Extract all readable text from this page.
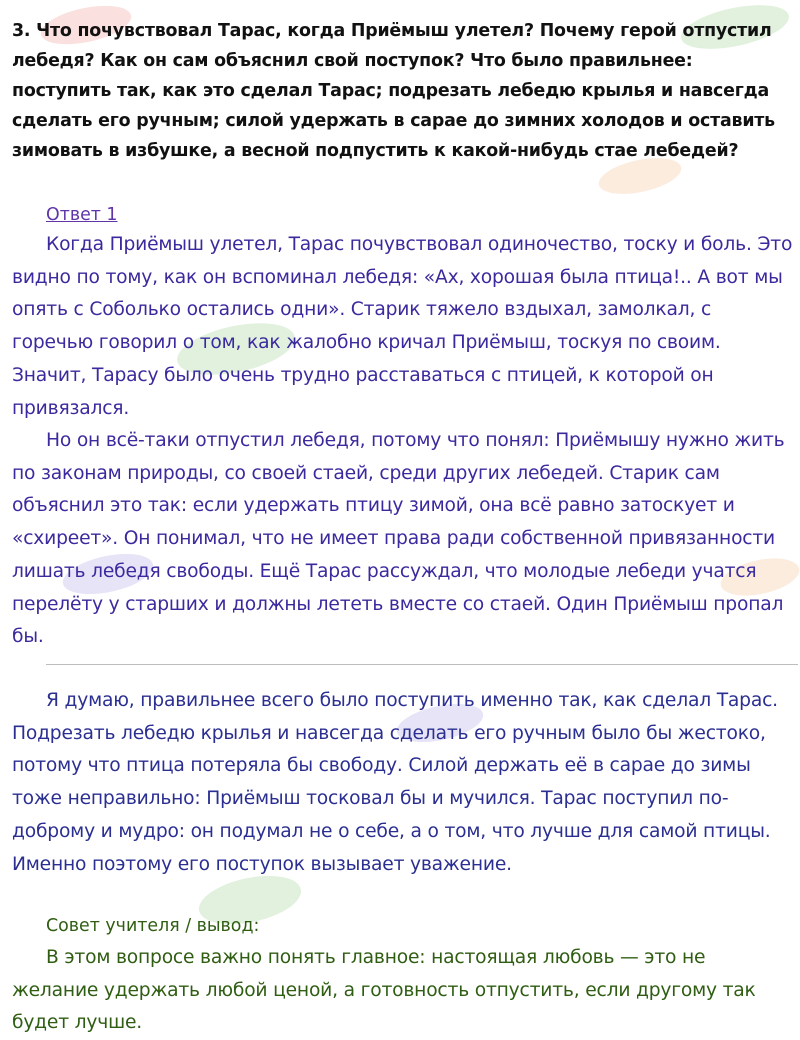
3. Что почувствовал Тарас, когда Приёмыш улетел? Почему герой отпустил лебедя? Как он сам объяснил свой поступок? Что было правильнее: поступить так, как это сделал Тарас; подрезать лебедю крылья и навсегда сделать его ручным; силой удержать в сарае до зимних холодов и оставить зимовать в избушке, а весной подпустить к какой-нибудь стае лебедей?
Ответ 1
Когда Приёмыш улетел, Тарас почувствовал одиночество, тоску и боль. Это видно по тому, как он вспоминал лебедя: «Ах, хорошая была птица!.. А вот мы опять с Соболько остались одни». Старик тяжело вздыхал, замолкал, с горечью говорил о том, как жалобно кричал Приёмыш, тоскуя по своим. Значит, Тарасу было очень трудно расставаться с птицей, к которой он привязался.
Но он всё-таки отпустил лебедя, потому что понял: Приёмышу нужно жить по законам природы, со своей стаей, среди других лебедей. Старик сам объяснил это так: если удержать птицу зимой, она всё равно затоскует и «схиреет». Он понимал, что не имеет права ради собственной привязанности лишать лебедя свободы. Ещё Тарас рассуждал, что молодые лебеди учатся перелёту у старших и должны лететь вместе со стаей. Один Приёмыш пропал бы.
Я думаю, правильнее всего было поступить именно так, как сделал Тарас. Подрезать лебедю крылья и навсегда сделать его ручным было бы жестоко, потому что птица потеряла бы свободу. Силой держать её в сарае до зимы тоже неправильно: Приёмыш тосковал бы и мучился. Тарас поступил по-доброму и мудро: он подумал не о себе, а о том, что лучше для самой птицы. Именно поэтому его поступок вызывает уважение.
Совет учителя / вывод:
В этом вопросе важно понять главное: настоящая любовь — это не желание удержать любой ценой, а готовность отпустить, если другому так будет лучше.
